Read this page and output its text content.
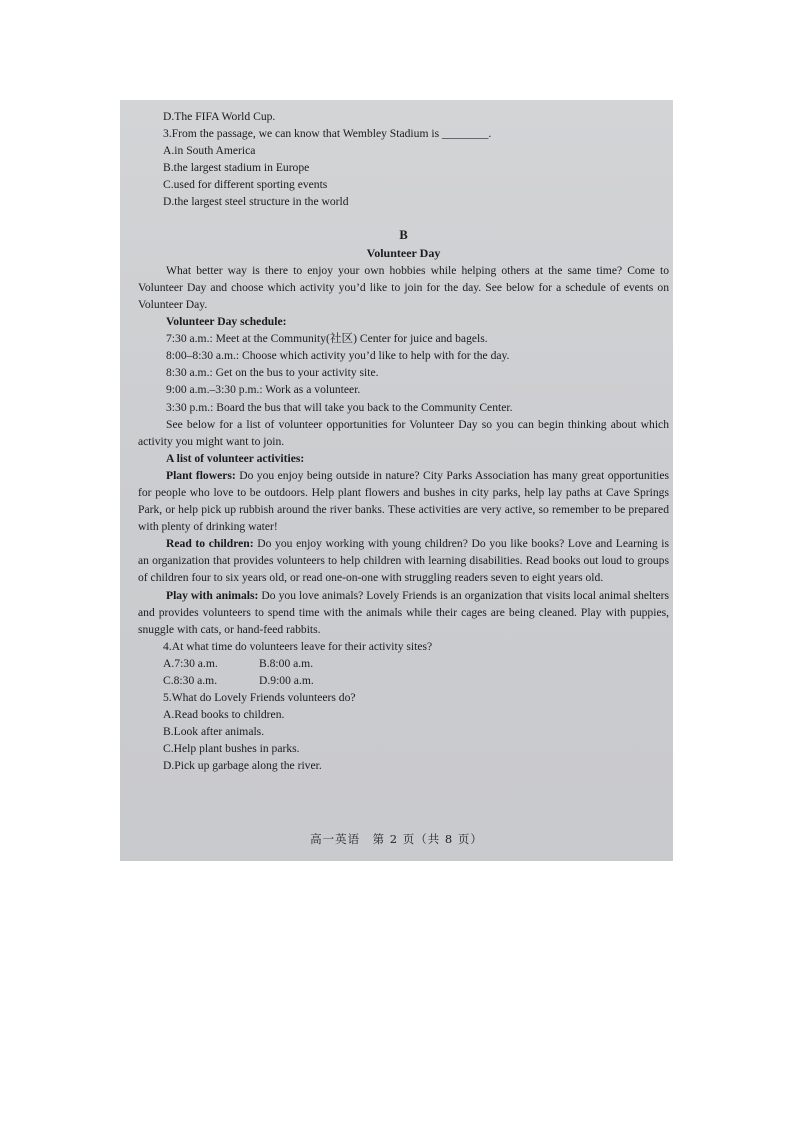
D.The FIFA World Cup.
3.From the passage, we can know that Wembley Stadium is ________.
A.in South America
B.the largest stadium in Europe
C.used for different sporting events
D.the largest steel structure in the world
B
Volunteer Day
What better way is there to enjoy your own hobbies while helping others at the same time? Come to Volunteer Day and choose which activity you’d like to join for the day. See below for a schedule of events on Volunteer Day.
Volunteer Day schedule:
7:30 a.m.: Meet at the Community(社区) Center for juice and bagels.
8:00–8:30 a.m.: Choose which activity you’d like to help with for the day.
8:30 a.m.: Get on the bus to your activity site.
9:00 a.m.–3:30 p.m.: Work as a volunteer.
3:30 p.m.: Board the bus that will take you back to the Community Center.
See below for a list of volunteer opportunities for Volunteer Day so you can begin thinking about which activity you might want to join.
A list of volunteer activities:
Plant flowers: Do you enjoy being outside in nature? City Parks Association has many great opportunities for people who love to be outdoors. Help plant flowers and bushes in city parks, help lay paths at Cave Springs Park, or help pick up rubbish around the river banks. These activities are very active, so remember to be prepared with plenty of drinking water!
Read to children: Do you enjoy working with young children? Do you like books? Love and Learning is an organization that provides volunteers to help children with learning disabilities. Read books out loud to groups of children four to six years old, or read one-on-one with struggling readers seven to eight years old.
Play with animals: Do you love animals? Lovely Friends is an organization that visits local animal shelters and provides volunteers to spend time with the animals while their cages are being cleaned. Play with puppies, snuggle with cats, or hand-feed rabbits.
4.At what time do volunteers leave for their activity sites?
A.7:30 a.m.	B.8:00 a.m.
C.8:30 a.m.	D.9:00 a.m.
5.What do Lovely Friends volunteers do?
A.Read books to children.
B.Look after animals.
C.Help plant bushes in parks.
D.Pick up garbage along the river.
高一英语　第 2 页（共 8 页）
